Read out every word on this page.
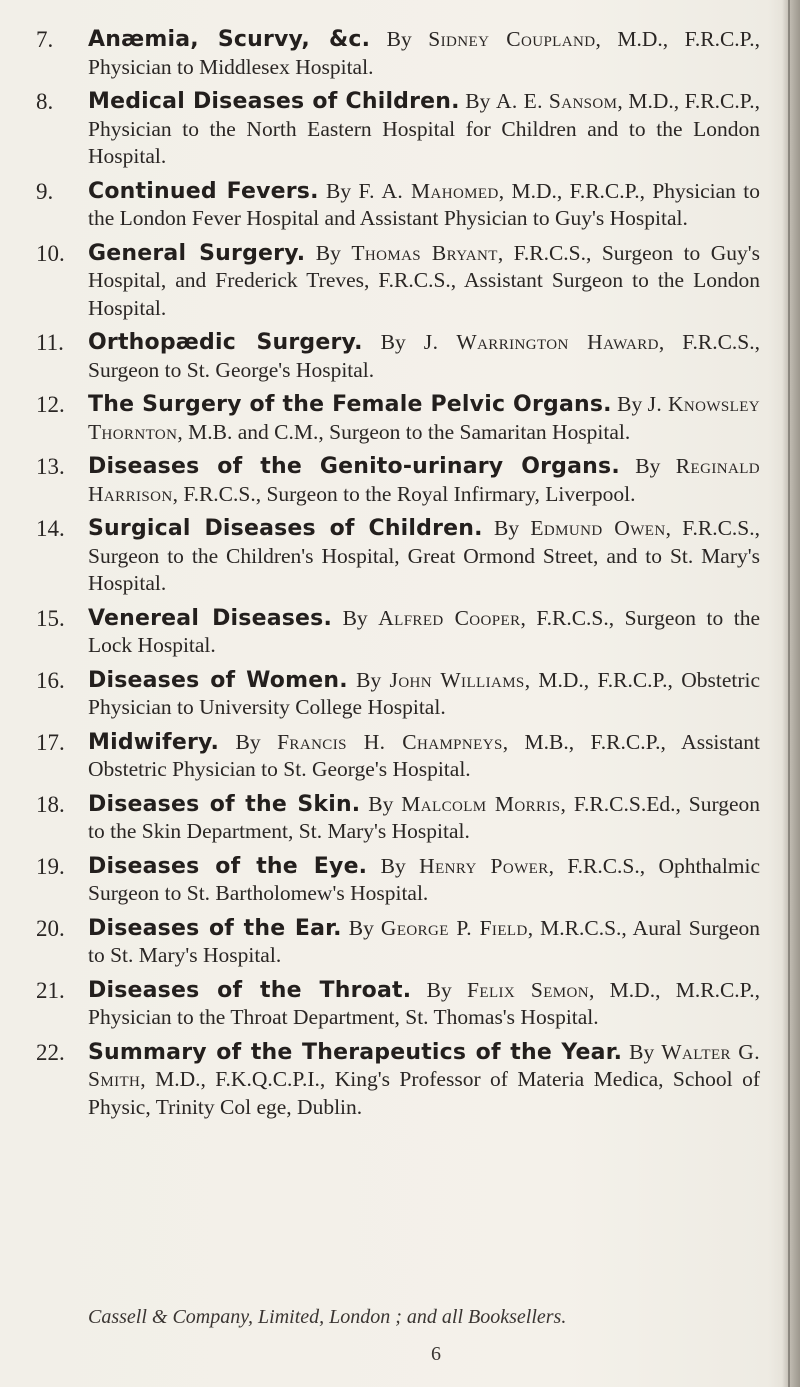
7.	Anæmia, Scurvy, &c. By Sidney Coupland, M.D., F.R.C.P., Physician to Middlesex Hospital.
8.	Medical Diseases of Children. By A. E. Sansom, M.D., F.R.C.P., Physician to the North Eastern Hospital for Children and to the London Hospital.
9.	Continued Fevers. By F. A. Mahomed, M.D., F.R.C.P., Physician to the London Fever Hospital and Assistant Physician to Guy's Hospital.
10.	General Surgery. By Thomas Bryant, F.R.C.S., Surgeon to Guy's Hospital, and Frederick Treves, F.R.C.S., Assistant Surgeon to the London Hospital.
11.	Orthopædic Surgery. By J. Warrington Haward, F.R.C.S., Surgeon to St. George's Hospital.
12.	The Surgery of the Female Pelvic Organs. By J. Knowsley Thornton, M.B. and C.M., Surgeon to the Samaritan Hospital.
13.	Diseases of the Genito-urinary Organs. By Reginald Harrison, F.R.C.S., Surgeon to the Royal Infirmary, Liverpool.
14.	Surgical Diseases of Children. By Edmund Owen, F.R.C.S., Surgeon to the Children's Hospital, Great Ormond Street, and to St. Mary's Hospital.
15.	Venereal Diseases. By Alfred Cooper, F.R.C.S., Surgeon to the Lock Hospital.
16.	Diseases of Women. By John Williams, M.D., F.R.C.P., Obstetric Physician to University College Hospital.
17.	Midwifery. By Francis H. Champneys, M.B., F.R.C.P., Assistant Obstetric Physician to St. George's Hospital.
18.	Diseases of the Skin. By Malcolm Morris, F.R.C.S.Ed., Surgeon to the Skin Department, St. Mary's Hospital.
19.	Diseases of the Eye. By Henry Power, F.R.C.S., Ophthalmic Surgeon to St. Bartholomew's Hospital.
20.	Diseases of the Ear. By George P. Field, M.R.C.S., Aural Surgeon to St. Mary's Hospital.
21.	Diseases of the Throat. By Felix Semon, M.D., M.R.C.P., Physician to the Throat Department, St. Thomas's Hospital.
22.	Summary of the Therapeutics of the Year. By Walter G. Smith, M.D., F.K.Q.C.P.I., King's Professor of Materia Medica, School of Physic, Trinity Col ege, Dublin.
Cassell & Company, Limited, London ; and all Booksellers.
6
